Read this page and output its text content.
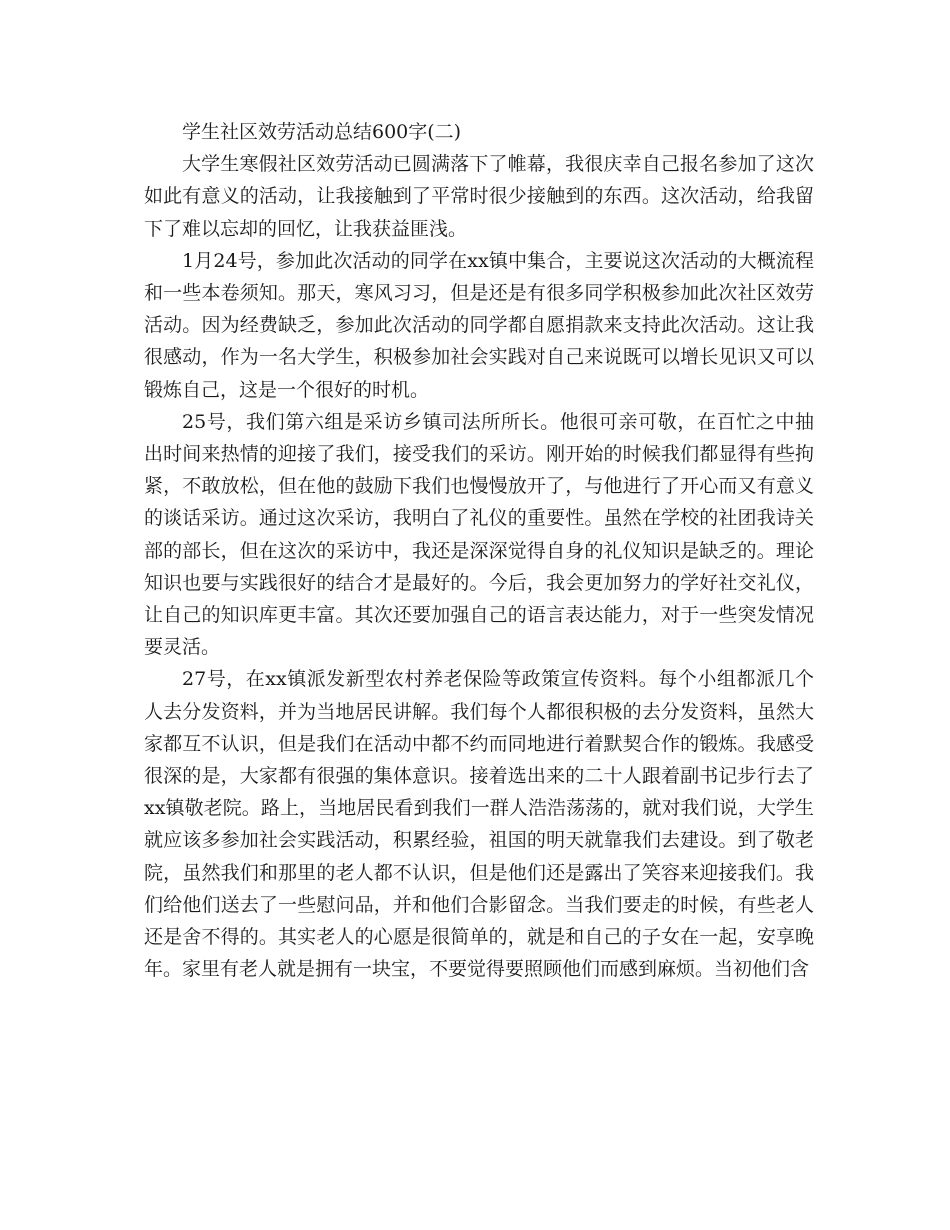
学生社区效劳活动总结600字(二)

大学生寒假社区效劳活动已圆满落下了帷幕，我很庆幸自己报名参加了这次如此有意义的活动，让我接触到了平常时很少接触到的东西。这次活动，给我留下了难以忘却的回忆，让我获益匪浅。

1月24号，参加此次活动的同学在xx镇中集合，主要说这次活动的大概流程和一些本卷须知。那天，寒风习习，但是还是有很多同学积极参加此次社区效劳活动。因为经费缺乏，参加此次活动的同学都自愿捐款来支持此次活动。这让我很感动，作为一名大学生，积极参加社会实践对自己来说既可以增长见识又可以锻炼自己，这是一个很好的时机。

25号，我们第六组是采访乡镇司法所所长。他很可亲可敬，在百忙之中抽出时间来热情的迎接了我们，接受我们的采访。刚开始的时候我们都显得有些拘紧，不敢放松，但在他的鼓励下我们也慢慢放开了，与他进行了开心而又有意义的谈话采访。通过这次采访，我明白了礼仪的重要性。虽然在学校的社团我诗关部的部长，但在这次的采访中，我还是深深觉得自身的礼仪知识是缺乏的。理论知识也要与实践很好的结合才是最好的。今后，我会更加努力的学好社交礼仪，让自己的知识库更丰富。其次还要加强自己的语言表达能力，对于一些突发情况要灵活。

27号，在xx镇派发新型农村养老保险等政策宣传资料。每个小组都派几个人去分发资料，并为当地居民讲解。我们每个人都很积极的去分发资料，虽然大家都互不认识，但是我们在活动中都不约而同地进行着默契合作的锻炼。我感受很深的是，大家都有很强的集体意识。接着选出来的二十人跟着副书记步行去了xx镇敬老院。路上，当地居民看到我们一群人浩浩荡荡的，就对我们说，大学生就应该多参加社会实践活动，积累经验，祖国的明天就靠我们去建设。到了敬老院，虽然我们和那里的老人都不认识，但是他们还是露出了笑容来迎接我们。我们给他们送去了一些慰问品，并和他们合影留念。当我们要走的时候，有些老人还是舍不得的。其实老人的心愿是很简单的，就是和自己的子女在一起，安享晚年。家里有老人就是拥有一块宝，不要觉得要照顾他们而感到麻烦。当初他们含
